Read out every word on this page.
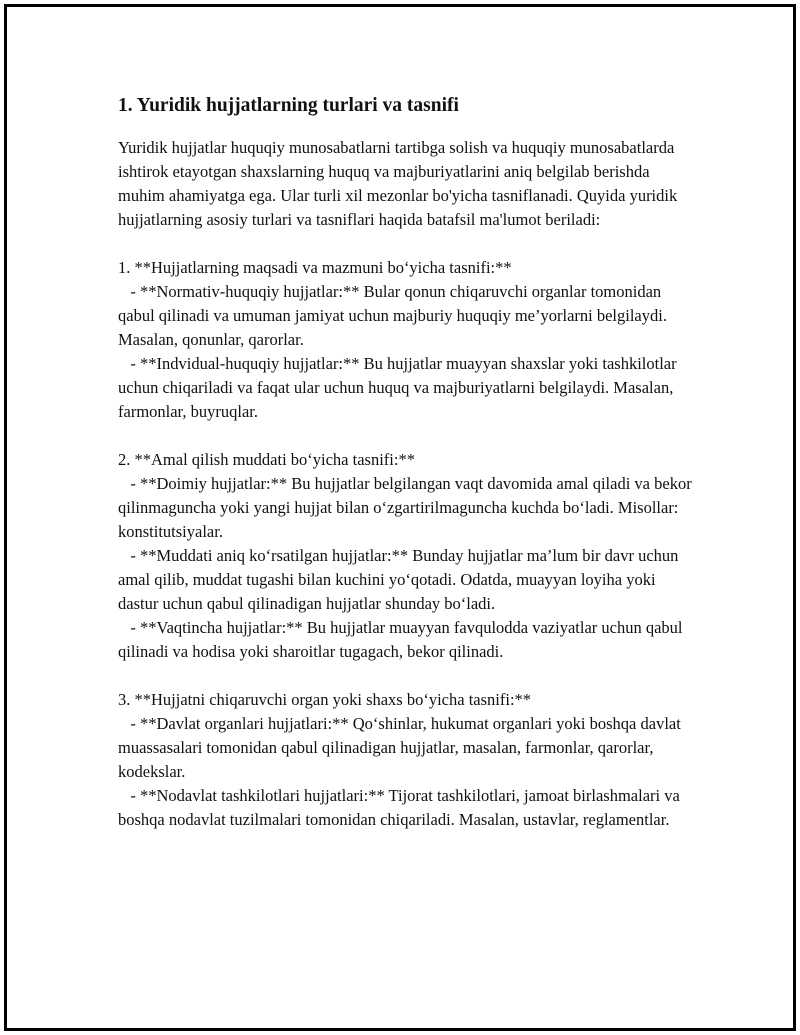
1. Yuridik hujjatlarning turlari va tasnifi

Yuridik hujjatlar huquqiy munosabatlarni tartibga solish va huquqiy munosabatlarda ishtirok etayotgan shaxslarning huquq va majburiyatlarini aniq belgilab berishda muhim ahamiyatga ega. Ular turli xil mezonlar bo'yicha tasniflanadi. Quyida yuridik hujjatlarning asosiy turlari va tasniflari haqida batafsil ma'lumot beriladi:

1. **Hujjatlarning maqsadi va mazmuni bo‘yicha tasnifi:**

- **Normativ-huquqiy hujjatlar:** Bular qonun chiqaruvchi organlar tomonidan qabul qilinadi va umuman jamiyat uchun majburiy huquqiy me’yorlarni belgilaydi. Masalan, qonunlar, qarorlar.

- **Indvidual-huquqiy hujjatlar:** Bu hujjatlar muayyan shaxslar yoki tashkilotlar uchun chiqariladi va faqat ular uchun huquq va majburiyatlarni belgilaydi. Masalan, farmonlar, buyruqlar.

2. **Amal qilish muddati bo‘yicha tasnifi:**

- **Doimiy hujjatlar:** Bu hujjatlar belgilangan vaqt davomida amal qiladi va bekor qilinmaguncha yoki yangi hujjat bilan o‘zgartirilmaguncha kuchda bo‘ladi. Misollar: konstitutsiyalar.

- **Muddati aniq ko‘rsatilgan hujjatlar:** Bunday hujjatlar ma’lum bir davr uchun amal qilib, muddat tugashi bilan kuchini yo‘qotadi. Odatda, muayyan loyiha yoki dastur uchun qabul qilinadigan hujjatlar shunday bo‘ladi.

- **Vaqtincha hujjatlar:** Bu hujjatlar muayyan favqulodda vaziyatlar uchun qabul qilinadi va hodisa yoki sharoitlar tugagach, bekor qilinadi.

3. **Hujjatni chiqaruvchi organ yoki shaxs bo‘yicha tasnifi:**

- **Davlat organlari hujjatlari:** Qo‘shinlar, hukumat organlari yoki boshqa davlat muassasalari tomonidan qabul qilinadigan hujjatlar, masalan, farmonlar, qarorlar, kodekslar.

- **Nodavlat tashkilotlari hujjatlari:** Tijorat tashkilotlari, jamoat birlashmalari va boshqa nodavlat tuzilmalari tomonidan chiqariladi. Masalan, ustavlar, reglamentlar.
